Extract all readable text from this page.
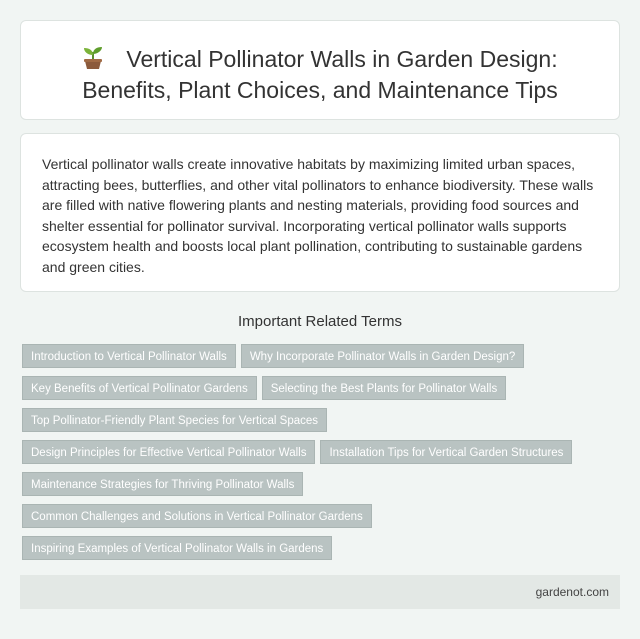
Vertical Pollinator Walls in Garden Design: Benefits, Plant Choices, and Maintenance Tips

Vertical pollinator walls create innovative habitats by maximizing limited urban spaces, attracting bees, butterflies, and other vital pollinators to enhance biodiversity. These walls are filled with native flowering plants and nesting materials, providing food sources and shelter essential for pollinator survival. Incorporating vertical pollinator walls supports ecosystem health and boosts local plant pollination, contributing to sustainable gardens and green cities.

Important Related Terms
Introduction to Vertical Pollinator Walls Why Incorporate Pollinator Walls in Garden Design?
Key Benefits of Vertical Pollinator Gardens Selecting the Best Plants for Pollinator Walls
Top Pollinator-Friendly Plant Species for Vertical Spaces
Design Principles for Effective Vertical Pollinator Walls Installation Tips for Vertical Garden Structures
Maintenance Strategies for Thriving Pollinator Walls
Common Challenges and Solutions in Vertical Pollinator Gardens
Inspiring Examples of Vertical Pollinator Walls in Gardens
gardenot.com
